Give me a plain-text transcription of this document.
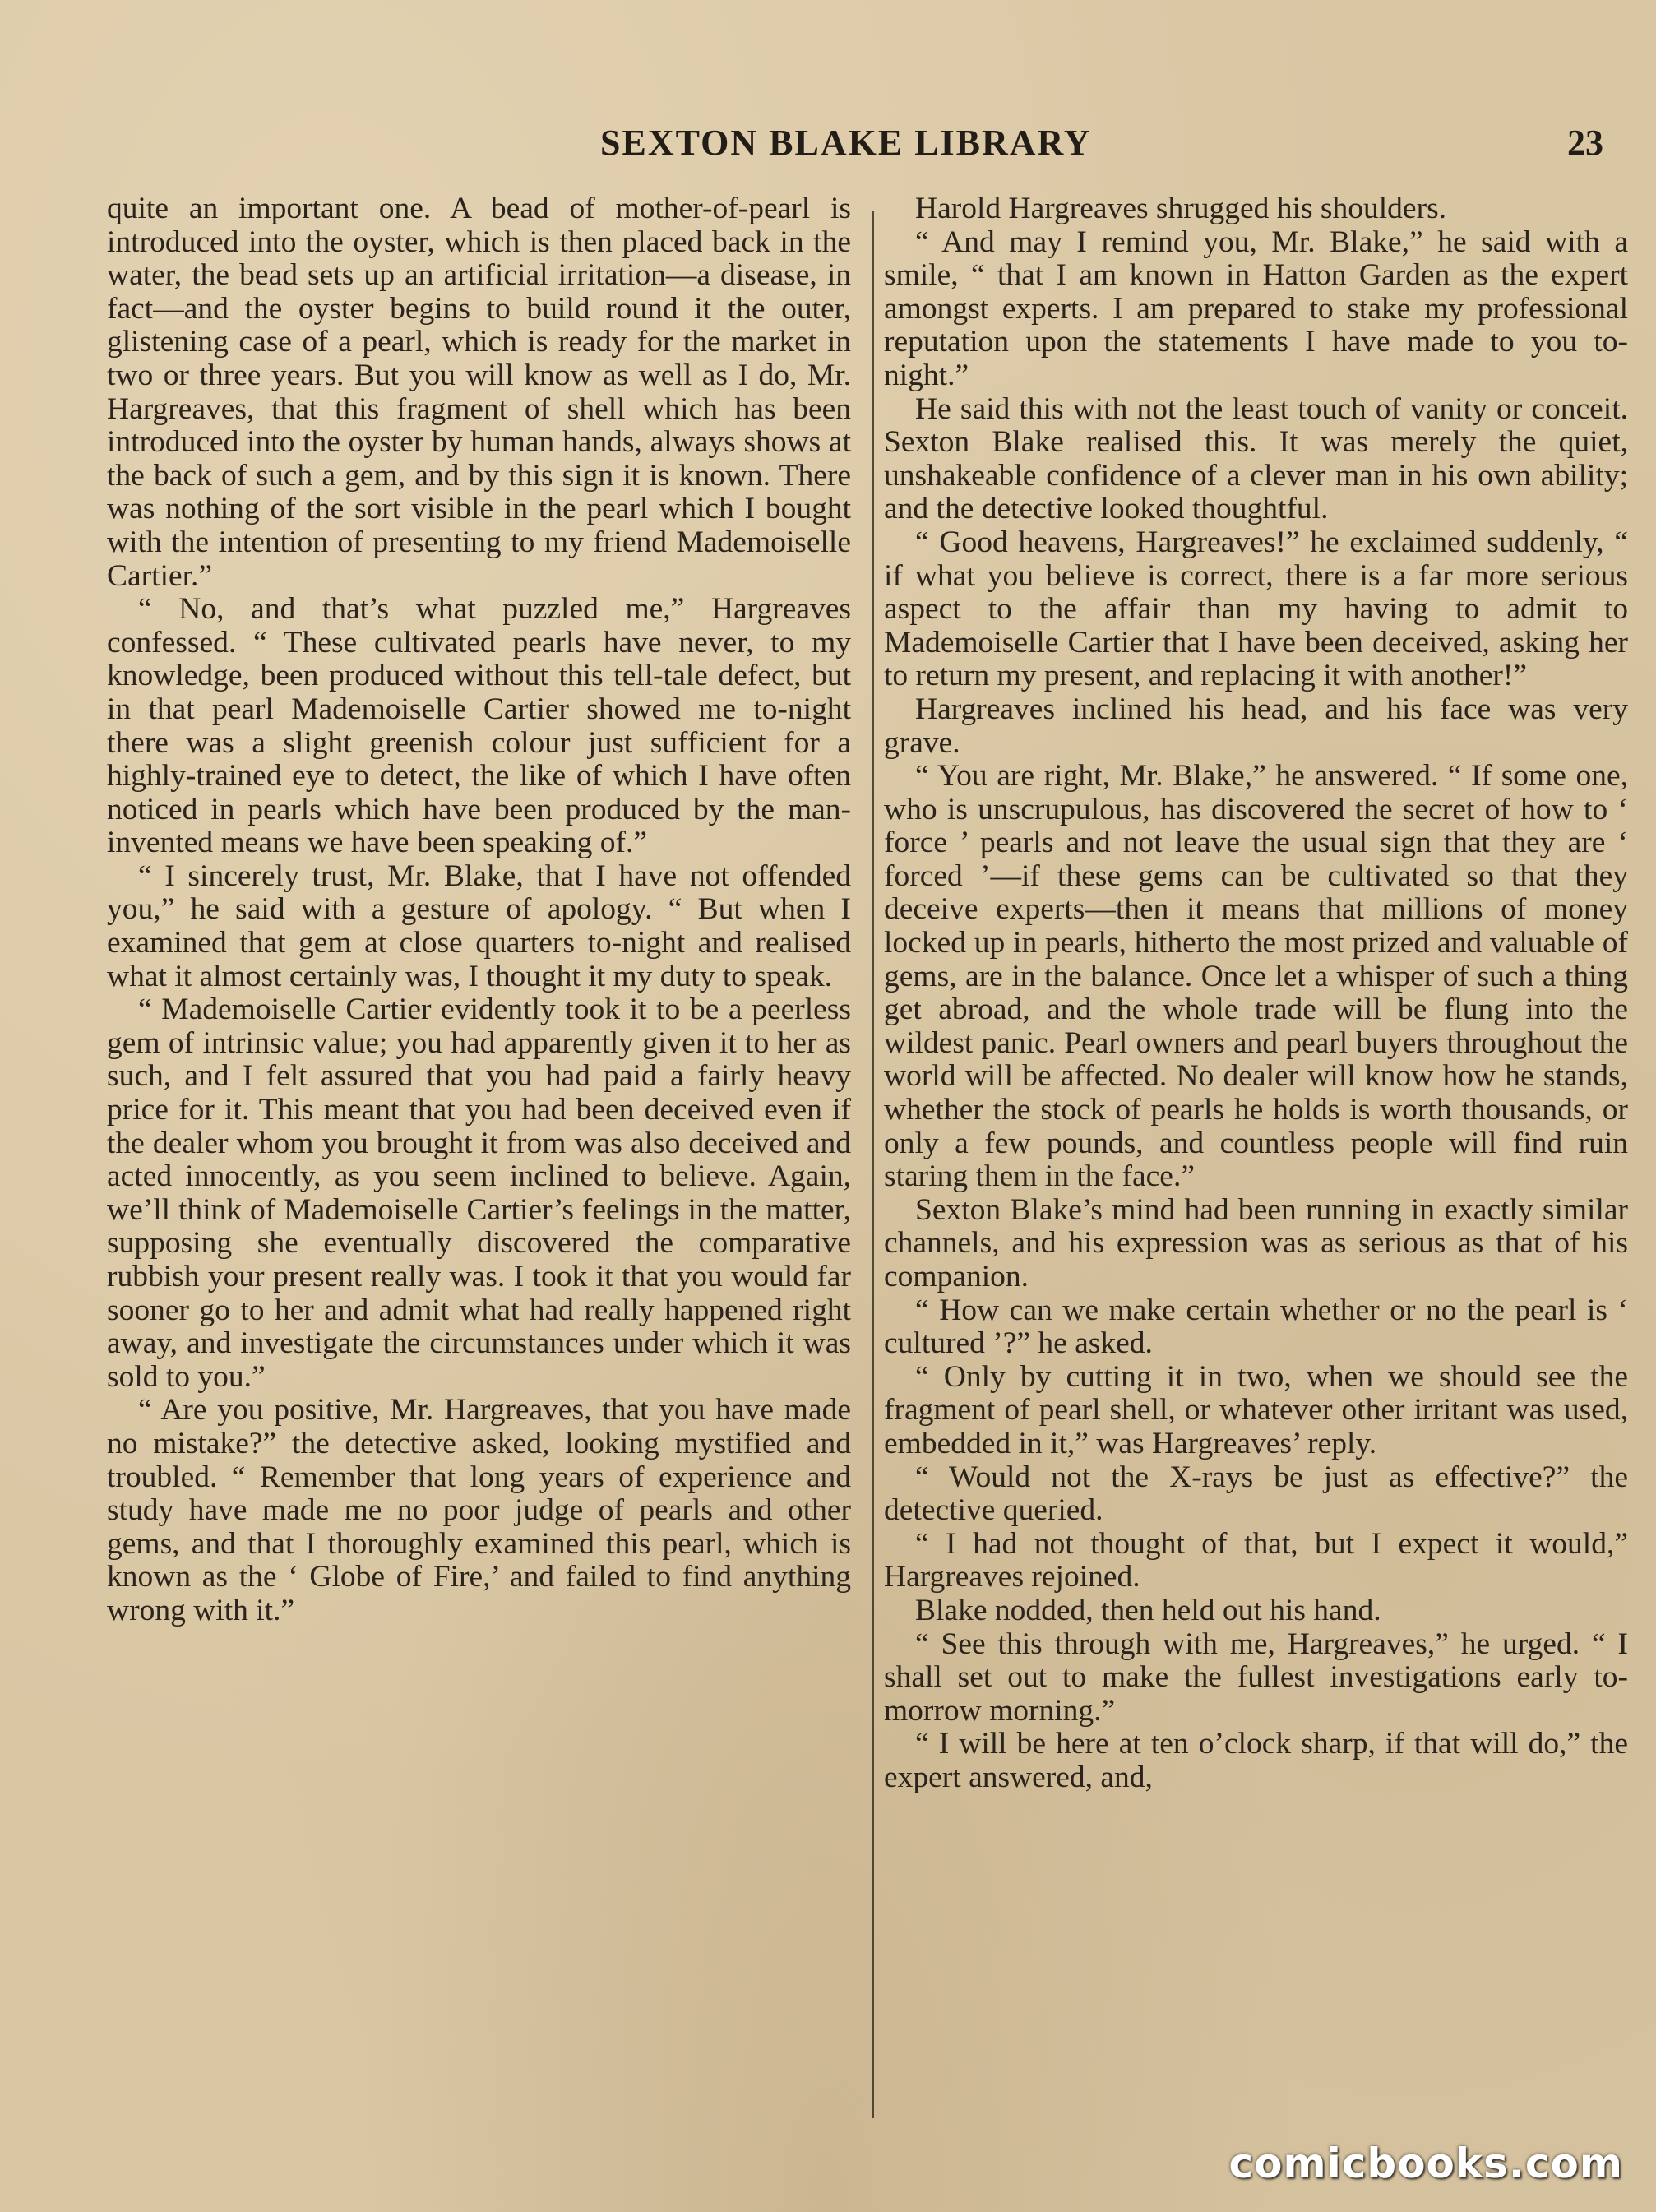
SEXTON BLAKE LIBRARY	23

quite an important one. A bead of mother-of-pearl is introduced into the oyster, which is then placed back in the water, the bead sets up an artificial irritation—a disease, in fact—and the oyster begins to build round it the outer, glistening case of a pearl, which is ready for the market in two or three years. But you will know as well as I do, Mr. Hargreaves, that this fragment of shell which has been introduced into the oyster by human hands, always shows at the back of such a gem, and by this sign it is known. There was nothing of the sort visible in the pearl which I bought with the intention of presenting to my friend Mademoiselle Cartier.”

“ No, and that’s what puzzled me,” Hargreaves confessed. “ These cultivated pearls have never, to my knowledge, been produced without this tell-tale defect, but in that pearl Mademoiselle Cartier showed me to-night there was a slight greenish colour just sufficient for a highly-trained eye to detect, the like of which I have often noticed in pearls which have been produced by the man-invented means we have been speaking of.”

“ I sincerely trust, Mr. Blake, that I have not offended you,” he said with a gesture of apology. “ But when I examined that gem at close quarters to-night and realised what it almost certainly was, I thought it my duty to speak.

“ Mademoiselle Cartier evidently took it to be a peerless gem of intrinsic value; you had apparently given it to her as such, and I felt assured that you had paid a fairly heavy price for it. This meant that you had been deceived even if the dealer whom you brought it from was also deceived and acted innocently, as you seem inclined to believe. Again, we’ll think of Mademoiselle Cartier’s feelings in the matter, supposing she eventually discovered the comparative rubbish your present really was. I took it that you would far sooner go to her and admit what had really happened right away, and investigate the circumstances under which it was sold to you.”

“ Are you positive, Mr. Hargreaves, that you have made no mistake?” the detective asked, looking mystified and troubled. “ Remember that long years of experience and study have made me no poor judge of pearls and other gems, and that I thoroughly examined this pearl, which is known as the ‘ Globe of Fire,’ and failed to find anything wrong with it.”

Harold Hargreaves shrugged his shoulders.

“ And may I remind you, Mr. Blake,” he said with a smile, “ that I am known in Hatton Garden as the expert amongst experts. I am prepared to stake my professional reputation upon the statements I have made to you to-night.”

He said this with not the least touch of vanity or conceit. Sexton Blake realised this. It was merely the quiet, unshakeable confidence of a clever man in his own ability; and the detective looked thoughtful.

“ Good heavens, Hargreaves!” he exclaimed suddenly, “ if what you believe is correct, there is a far more serious aspect to the affair than my having to admit to Mademoiselle Cartier that I have been deceived, asking her to return my present, and replacing it with another!”

Hargreaves inclined his head, and his face was very grave.

“ You are right, Mr. Blake,” he answered. “ If some one, who is unscrupulous, has discovered the secret of how to ‘ force ’ pearls and not leave the usual sign that they are ‘ forced ’—if these gems can be cultivated so that they deceive experts—then it means that millions of money locked up in pearls, hitherto the most prized and valuable of gems, are in the balance. Once let a whisper of such a thing get abroad, and the whole trade will be flung into the wildest panic. Pearl owners and pearl buyers throughout the world will be affected. No dealer will know how he stands, whether the stock of pearls he holds is worth thousands, or only a few pounds, and countless people will find ruin staring them in the face.”

Sexton Blake’s mind had been running in exactly similar channels, and his expression was as serious as that of his companion.

“ How can we make certain whether or no the pearl is ‘ cultured ’?” he asked.

“ Only by cutting it in two, when we should see the fragment of pearl shell, or whatever other irritant was used, embedded in it,” was Hargreaves’ reply.

“ Would not the X-rays be just as effective?” the detective queried.

“ I had not thought of that, but I expect it would,” Hargreaves rejoined.

Blake nodded, then held out his hand.

“ See this through with me, Hargreaves,” he urged. “ I shall set out to make the fullest investigations early to-morrow morning.”

“ I will be here at ten o’clock sharp, if that will do,” the expert answered, and,

comicbooks.com
